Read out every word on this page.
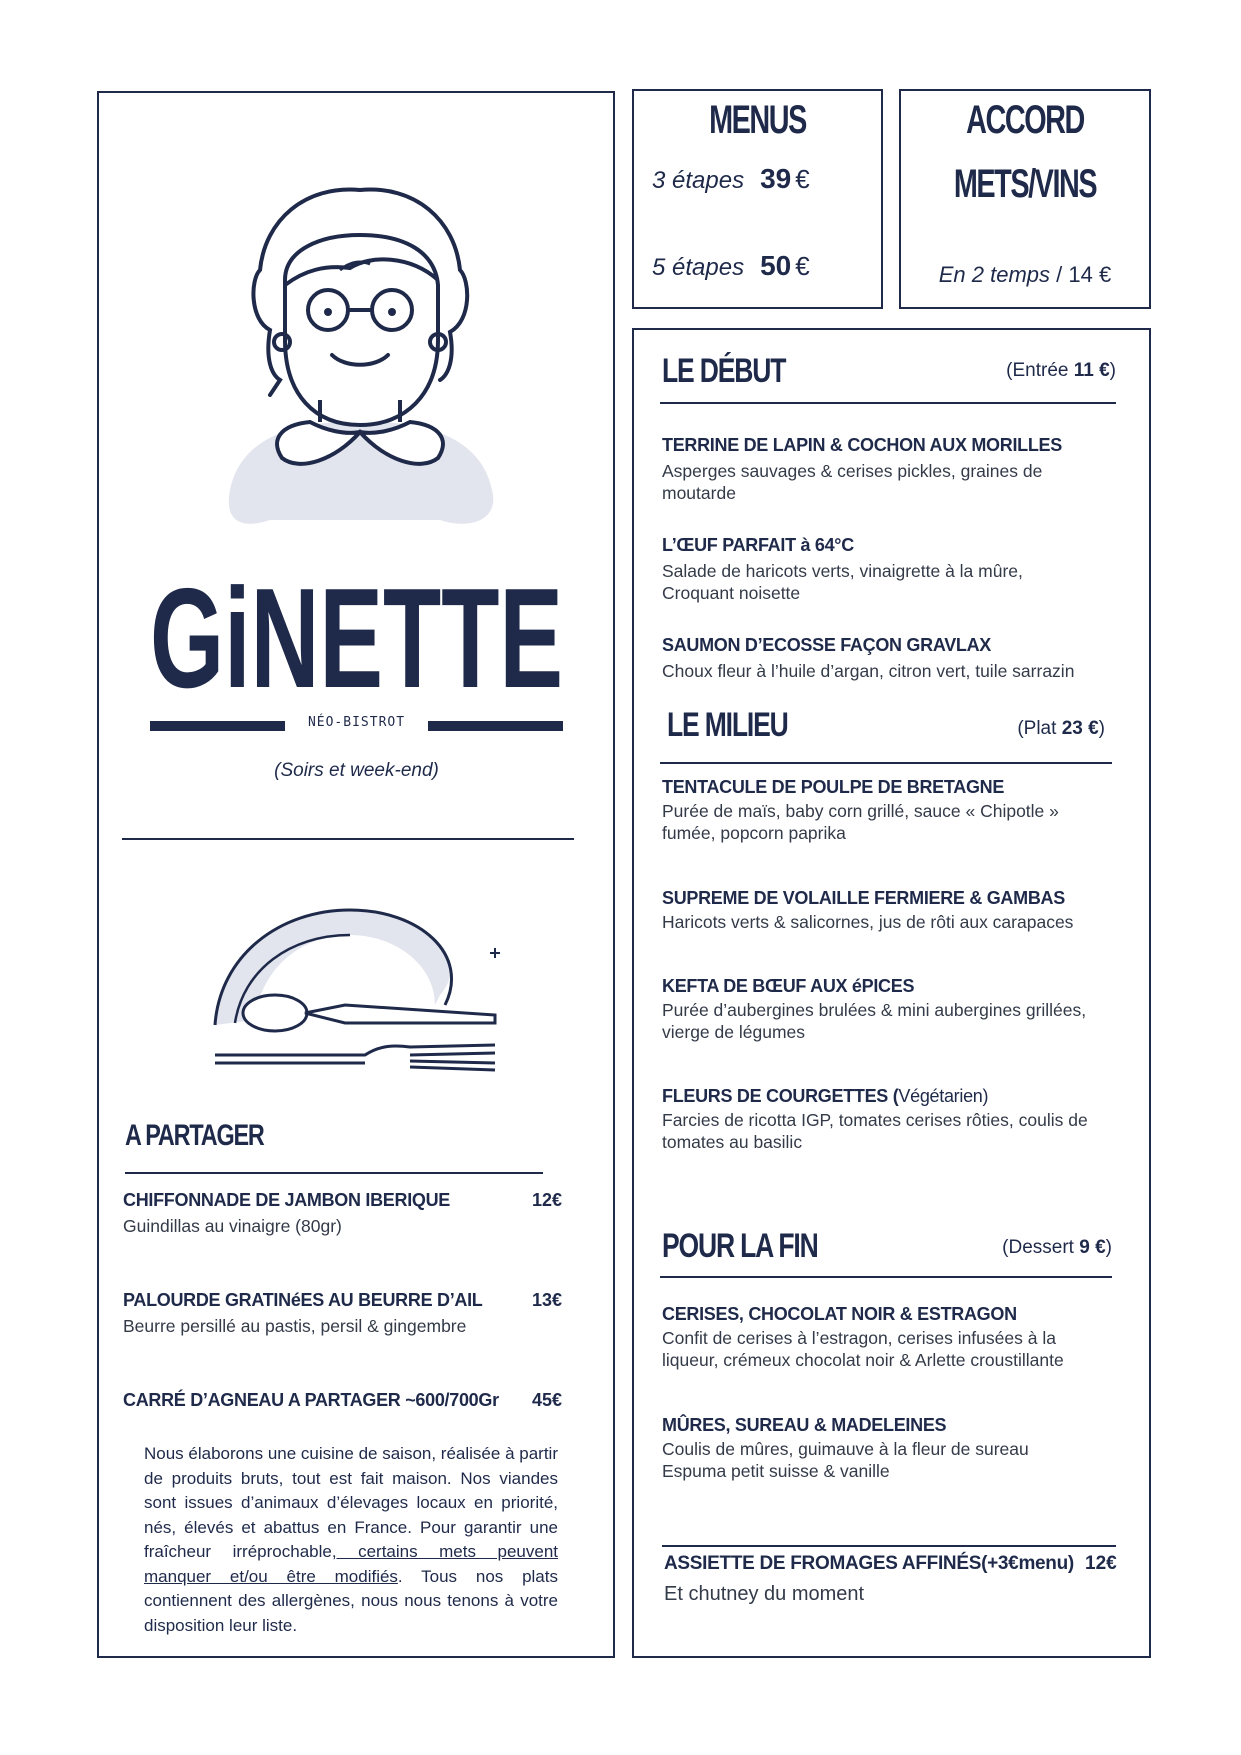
GiNETTE
NÉO-BISTROT
(Soirs et week-end)
A PARTAGER
CHIFFONNADE DE JAMBON IBERIQUE	12€
Guindillas au vinaigre (80gr)
PALOURDE GRATINéES AU BEURRE D’AIL	13€
Beurre persillé au pastis, persil & gingembre
CARRÉ D’AGNEAU A PARTAGER ~600/700Gr 45€
Nous élaborons une cuisine de saison, réalisée à partir de produits bruts, tout est fait maison. Nos viandes sont issues d’animaux d’élevages locaux en priorité, nés, élevés et abattus en France. Pour garantir une fraîcheur irréprochable, certains mets peuvent manquer et/ou être modifiés. Tous nos plats contiennent des allergènes, nous nous tenons à votre disposition leur liste.
MENUS
3 étapes 39 €
5 étapes 50 €
ACCORD
METS/VINS
En 2 temps / 14 €
LE DÉBUT	(Entrée 11 €)
TERRINE DE LAPIN & COCHON AUX MORILLES
Asperges sauvages & cerises pickles, graines de moutarde
L’ŒUF PARFAIT à 64°C
Salade de haricots verts, vinaigrette à la mûre, Croquant noisette
SAUMON D’ECOSSE FAÇON GRAVLAX
Choux fleur à l’huile d’argan, citron vert, tuile sarrazin
LE MILIEU	(Plat 23 €)
TENTACULE DE POULPE DE BRETAGNE
Purée de maïs, baby corn grillé, sauce « Chipotle » fumée, popcorn paprika
SUPREME DE VOLAILLE FERMIERE & GAMBAS
Haricots verts & salicornes, jus de rôti aux carapaces
KEFTA DE BŒUF AUX éPICES
Purée d’aubergines brulées & mini aubergines grillées, vierge de légumes
FLEURS DE COURGETTES (Végétarien)
Farcies de ricotta IGP, tomates cerises rôties, coulis de tomates au basilic
POUR LA FIN	(Dessert 9 €)
CERISES, CHOCOLAT NOIR & ESTRAGON
Confit de cerises à l’estragon, cerises infusées à la liqueur, crémeux chocolat noir & Arlette croustillante
MÛRES, SUREAU & MADELEINES
Coulis de mûres, guimauve à la fleur de sureau Espuma petit suisse & vanille
ASSIETTE DE FROMAGES AFFINÉS(+3€menu) 12€
Et chutney du moment
